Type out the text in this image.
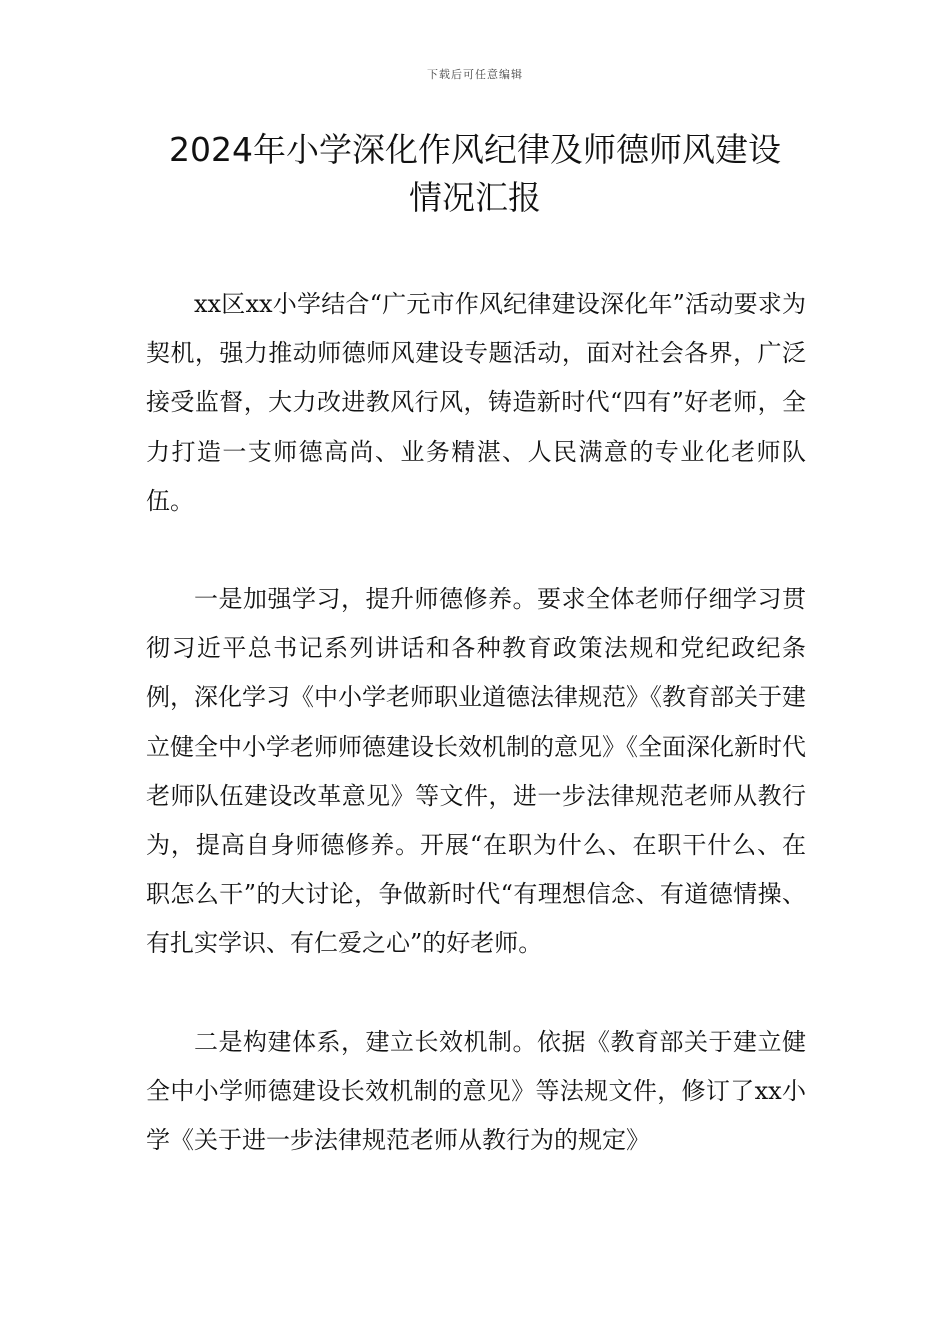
下载后可任意编辑
2024年小学深化作风纪律及师德师风建设
情况汇报

xx区xx小学结合“广元市作风纪律建设深化年”活动要求为契机，强力推动师德师风建设专题活动，面对社会各界，广泛接受监督，大力改进教风行风，铸造新时代“四有”好老师，全力打造一支师德高尚、业务精湛、人民满意的专业化老师队伍。

一是加强学习，提升师德修养。要求全体老师仔细学习贯彻习近平总书记系列讲话和各种教育政策法规和党纪政纪条例，深化学习《中小学老师职业道德法律规范》《教育部关于建立健全中小学老师师德建设长效机制的意见》《全面深化新时代老师队伍建设改革意见》等文件，进一步法律规范老师从教行为，提高自身师德修养。开展“在职为什么、在职干什么、在职怎么干”的大讨论，争做新时代“有理想信念、有道德情操、有扎实学识、有仁爱之心”的好老师。

二是构建体系，建立长效机制。依据《教育部关于建立健全中小学师德建设长效机制的意见》等法规文件，修订了xx小学《关于进一步法律规范老师从教行为的规定》
